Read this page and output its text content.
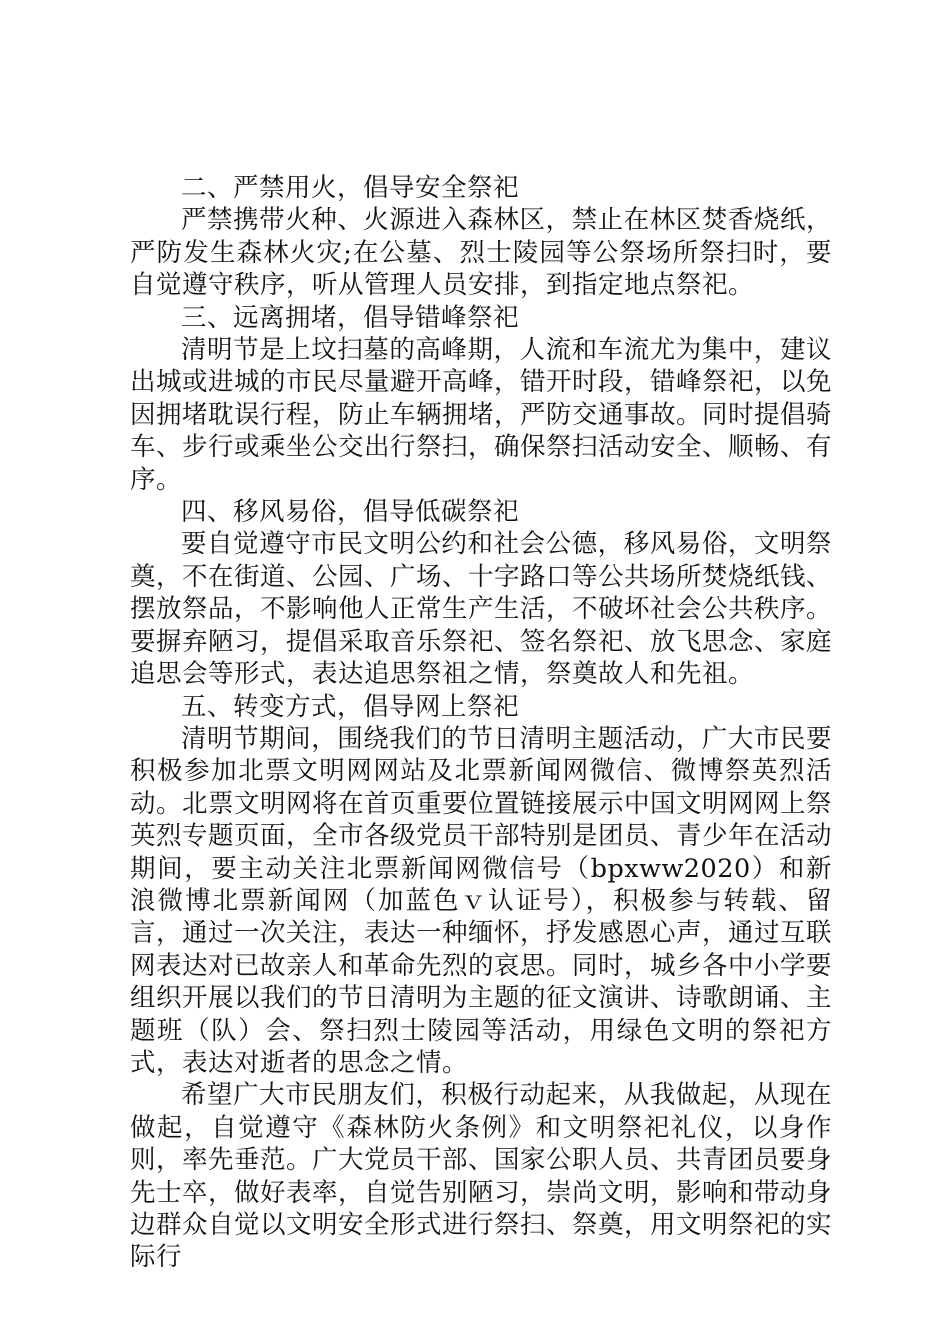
二、严禁用火，倡导安全祭祀

严禁携带火种、火源进入森林区，禁止在林区焚香烧纸，严防发生森林火灾;在公墓、烈士陵园等公祭场所祭扫时，要自觉遵守秩序，听从管理人员安排，到指定地点祭祀。

三、远离拥堵，倡导错峰祭祀

清明节是上坟扫墓的高峰期，人流和车流尤为集中，建议出城或进城的市民尽量避开高峰，错开时段，错峰祭祀，以免因拥堵耽误行程，防止车辆拥堵，严防交通事故。同时提倡骑车、步行或乘坐公交出行祭扫，确保祭扫活动安全、顺畅、有序。

四、移风易俗，倡导低碳祭祀

要自觉遵守市民文明公约和社会公德，移风易俗，文明祭奠，不在街道、公园、广场、十字路口等公共场所焚烧纸钱、摆放祭品，不影响他人正常生产生活，不破坏社会公共秩序。要摒弃陋习，提倡采取音乐祭祀、签名祭祀、放飞思念、家庭追思会等形式，表达追思祭祖之情，祭奠故人和先祖。

五、转变方式，倡导网上祭祀

清明节期间，围绕我们的节日清明主题活动，广大市民要积极参加北票文明网网站及北票新闻网微信、微博祭英烈活动。北票文明网将在首页重要位置链接展示中国文明网网上祭英烈专题页面，全市各级党员干部特别是团员、青少年在活动期间，要主动关注北票新闻网微信号（bpxww2020）和新浪微博北票新闻网（加蓝色ｖ认证号），积极参与转载、留言，通过一次关注，表达一种缅怀，抒发感恩心声，通过互联网表达对已故亲人和革命先烈的哀思。同时，城乡各中小学要组织开展以我们的节日清明为主题的征文演讲、诗歌朗诵、主题班（队）会、祭扫烈士陵园等活动，用绿色文明的祭祀方式，表达对逝者的思念之情。

希望广大市民朋友们，积极行动起来，从我做起，从现在做起，自觉遵守《森林防火条例》和文明祭祀礼仪，以身作则，率先垂范。广大党员干部、国家公职人员、共青团员要身先士卒，做好表率，自觉告别陋习，崇尚文明，影响和带动身边群众自觉以文明安全形式进行祭扫、祭奠，用文明祭祀的实际行
